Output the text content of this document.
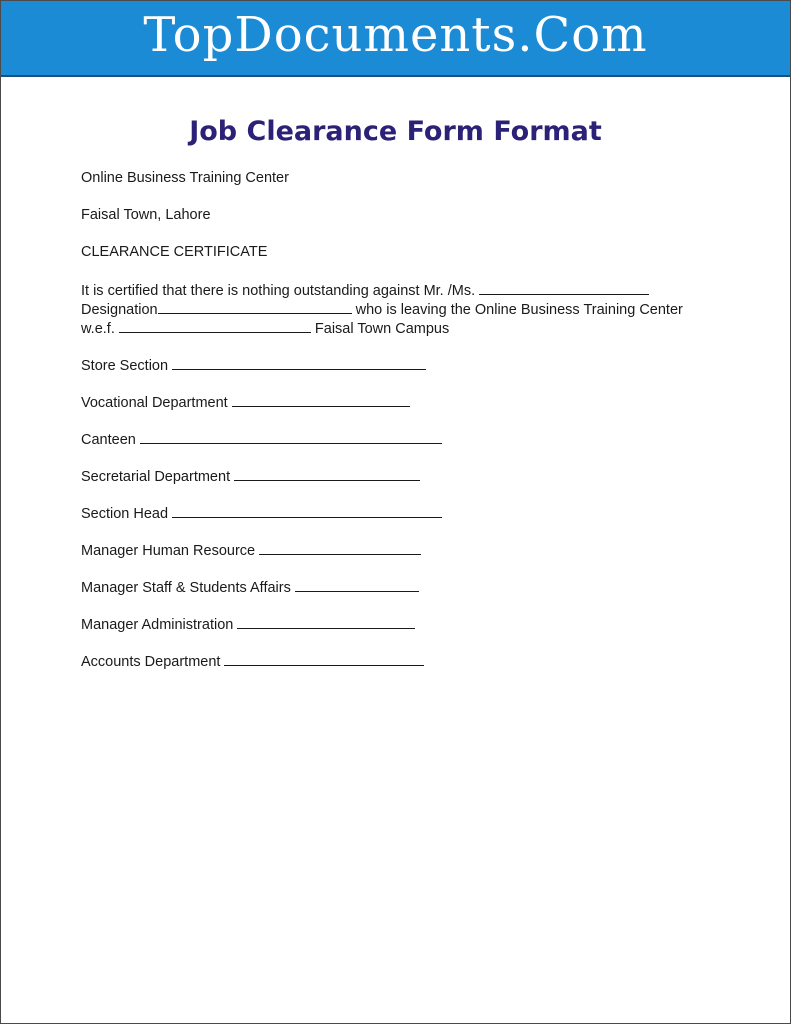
TopDocuments.Com
Job Clearance Form Format
Online Business Training Center
Faisal Town, Lahore
CLEARANCE CERTIFICATE
It is certified that there is nothing outstanding against Mr. /Ms.
Designation	who is leaving the Online Business Training Center
w.e.f.	Faisal Town Campus
Store Section
Vocational Department
Canteen
Secretarial Department
Section Head
Manager Human Resource
Manager Staff & Students Affairs
Manager Administration
Accounts Department
